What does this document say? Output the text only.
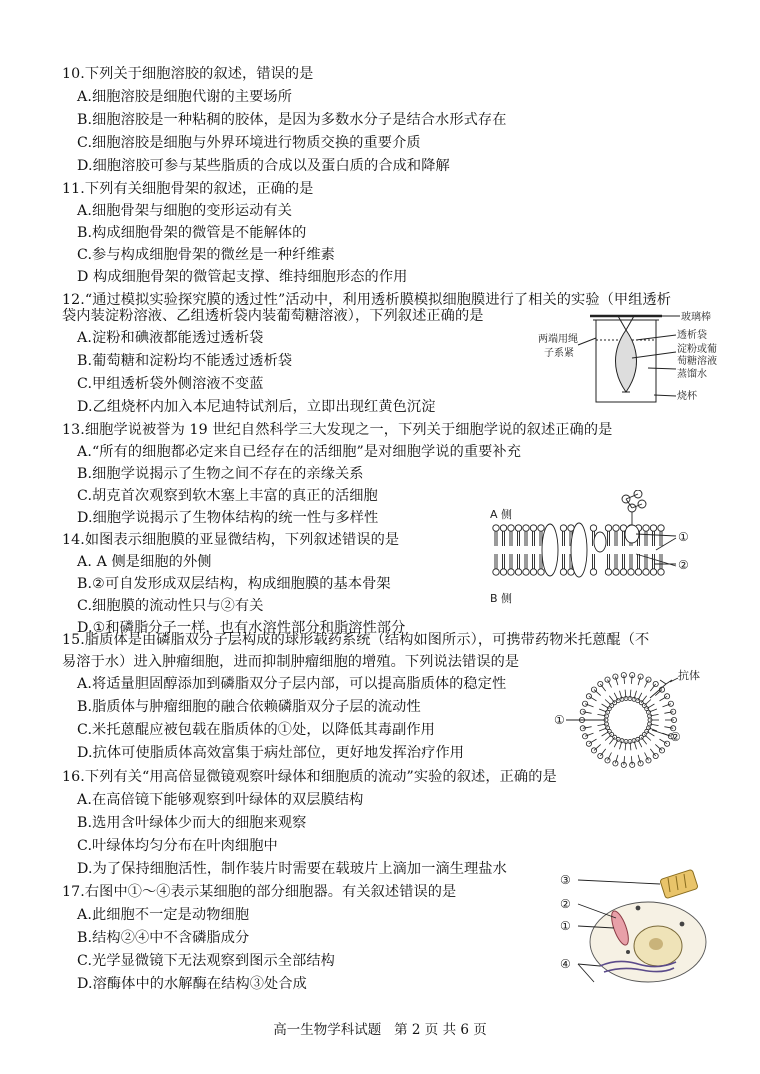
10.下列关于细胞溶胶的叙述，错误的是
A.细胞溶胶是细胞代谢的主要场所
B.细胞溶胶是一种粘稠的胶体，是因为多数水分子是结合水形式存在
C.细胞溶胶是细胞与外界环境进行物质交换的重要介质
D.细胞溶胶可参与某些脂质的合成以及蛋白质的合成和降解
11.下列有关细胞骨架的叙述，正确的是
A.细胞骨架与细胞的变形运动有关
B.构成细胞骨架的微管是不能解体的
C.参与构成细胞骨架的微丝是一种纤维素
D 构成细胞骨架的微管起支撑、维持细胞形态的作用
12.“通过模拟实验探究膜的透过性”活动中，利用透析膜模拟细胞膜进行了相关的实验（甲组透析
袋内装淀粉溶液、乙组透析袋内装葡萄糖溶液），下列叙述正确的是
A.淀粉和碘液都能透过透析袋
B.葡萄糖和淀粉均不能透过透析袋
C.甲组透析袋外侧溶液不变蓝
D.乙组烧杯内加入本尼迪特试剂后，立即出现红黄色沉淀
玻璃棒
两端用绳
子系紧
透析袋
淀粉或葡
萄糖溶液
蒸馏水
烧杯
13.细胞学说被誉为 19 世纪自然科学三大发现之一，下列关于细胞学说的叙述正确的是
A.“所有的细胞都必定来自已经存在的活细胞”是对细胞学说的重要补充
B.细胞学说揭示了生物之间不存在的亲缘关系
C.胡克首次观察到软木塞上丰富的真正的活细胞
D.细胞学说揭示了生物体结构的统一性与多样性
14.如图表示细胞膜的亚显微结构，下列叙述错误的是
A. A 侧是细胞的外侧
B.②可自发形成双层结构，构成细胞膜的基本骨架
C.细胞膜的流动性只与②有关
D.①和磷脂分子一样，也有水溶性部分和脂溶性部分
A 侧
B 侧
①
②
15.脂质体是由磷脂双分子层构成的球形载药系统（结构如图所示），可携带药物米托蒽醌（不
易溶于水）进入肿瘤细胞，进而抑制肿瘤细胞的增殖。下列说法错误的是
A.将适量胆固醇添加到磷脂双分子层内部，可以提高脂质体的稳定性
B.脂质体与肿瘤细胞的融合依赖磷脂双分子层的流动性
C.米托蒽醌应被包载在脂质体的①处，以降低其毒副作用
D.抗体可使脂质体高效富集于病灶部位，更好地发挥治疗作用
抗体
①
②
16.下列有关“用高倍显微镜观察叶绿体和细胞质的流动”实验的叙述，正确的是
A.在高倍镜下能够观察到叶绿体的双层膜结构
B.选用含叶绿体少而大的细胞来观察
C.叶绿体均匀分布在叶肉细胞中
D.为了保持细胞活性，制作装片时需要在载玻片上滴加一滴生理盐水
17.右图中①～④表示某细胞的部分细胞器。有关叙述错误的是
A.此细胞不一定是动物细胞
B.结构②④中不含磷脂成分
C.光学显微镜下无法观察到图示全部结构
D.溶酶体中的水解酶在结构③处合成
③
②
①
④
高一生物学科试题   第 2 页 共 6 页
